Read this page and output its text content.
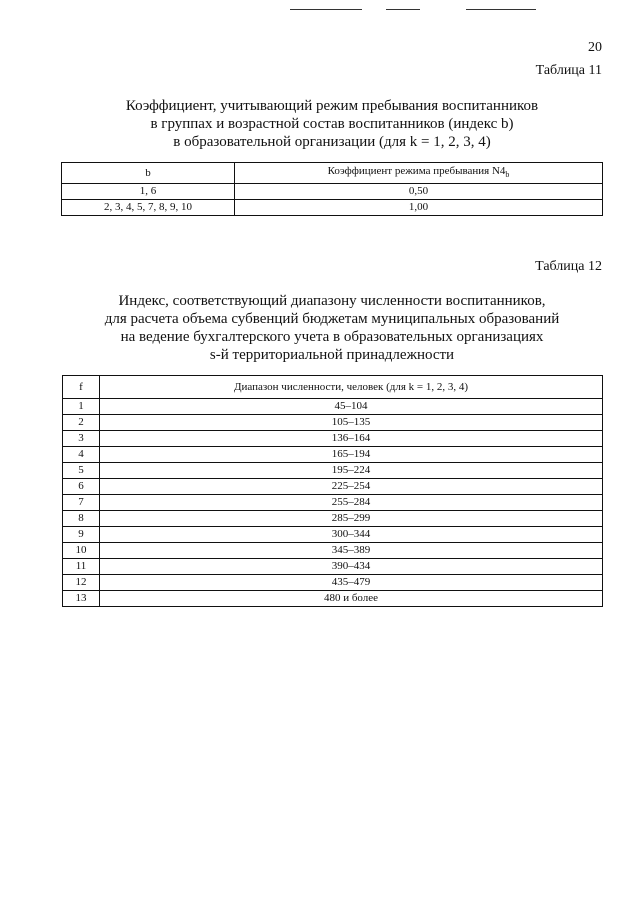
20
Таблица 11
Коэффициент, учитывающий режим пребывания воспитанников
в группах и возрастной состав воспитанников (индекс b)
в образовательной организации (для k = 1, 2, 3, 4)
b	Коэффициент режима пребывания $N4_b$
1, 6	0,50
2, 3, 4, 5, 7, 8, 9, 10	1,00
Таблица 12
Индекс, соответствующий диапазону численности воспитанников,
для расчета объема субвенций бюджетам муниципальных образований
на ведение бухгалтерского учета в образовательных организациях
s-й территориальной принадлежности
f	Диапазон численности, человек (для k = 1, 2, 3, 4)
1	45–104
2	105–135
3	136–164
4	165–194
5	195–224
6	225–254
7	255–284
8	285–299
9	300–344
10	345–389
11	390–434
12	435–479
13	480 и более
